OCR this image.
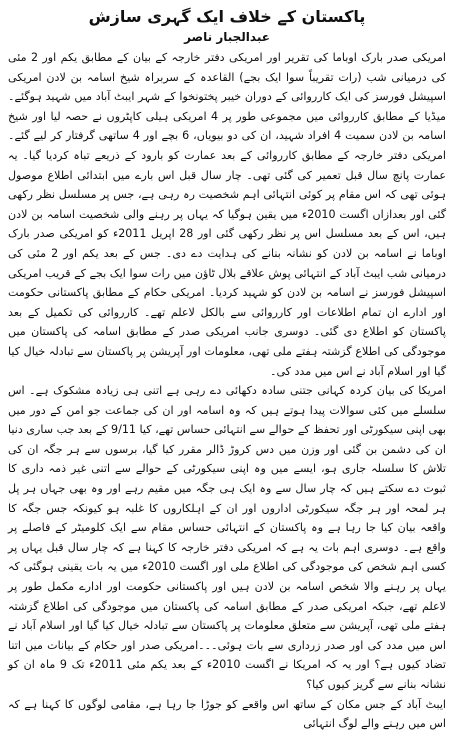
پاکستان کے خلاف ایک گہری سازش
عبدالجبار ناصر

امریکی صدر بارک اوباما کی تقریر اور امریکی دفتر خارجہ کے بیان کے مطابق یکم اور 2 مئی کی درمیانی شب (رات تقریباً سوا ایک بجے) القاعدہ کے سربراہ شیخ اسامہ بن لادن امریکی اسپیشل فورسز کی ایک کارروائی کے دوران خیبر پختونخوا کے شہر ایبٹ آباد میں شہید ہوگئے۔ میڈیا کے مطابق کارروائی میں مجموعی طور پر 4 امریکی ہیلی کاپٹروں نے حصہ لیا اور شیخ اسامہ بن لادن سمیت 4 افراد شہید، ان کی دو بیویاں، 6 بچے اور 4 ساتھی گرفتار کر لیے گئے۔ امریکی دفتر خارجہ کے مطابق کارروائی کے بعد عمارت کو بارود کے ذریعے تباہ کردیا گیا۔ یہ عمارت پانچ سال قبل تعمیر کی گئی تھی۔ چار سال قبل اس بارے میں ابتدائی اطلاع موصول ہوئی تھی کہ اس مقام پر کوئی انتہائی اہم شخصیت رہ رہی ہے، جس پر مسلسل نظر رکھی گئی اور بعدازاں اگست 2010ء میں یقین ہوگیا کہ یہاں پر رہنے والی شخصیت اسامہ بن لادن ہیں، اس کے بعد مسلسل اس پر نظر رکھی گئی اور 28 اپریل 2011ء کو امریکی صدر بارک اوباما نے اسامہ بن لادن کو نشانہ بنانے کی ہدایت دے دی۔ جس کے بعد یکم اور 2 مئی کی درمیانی شب ایبٹ آباد کے انتہائی پوش علاقے بلال ٹاؤن میں رات سوا ایک بجے کے قریب امریکی اسپیشل فورسز نے اسامہ بن لادن کو شہید کردیا۔ امریکی حکام کے مطابق پاکستانی حکومت اور ادارے ان تمام اطلاعات اور کارروائی سے بالکل لاعلم تھے۔ کارروائی کی تکمیل کے بعد پاکستان کو اطلاع دی گئی۔ دوسری جانب امریکی صدر کے مطابق اسامہ کی پاکستان میں موجودگی کی اطلاع گزشتہ ہفتے ملی تھی، معلومات اور آپریشن پر پاکستان سے تبادلہ خیال کیا گیا اور اسلام آباد نے اس میں مدد کی۔

امریکا کی بیان کردہ کہانی جتنی سادہ دکھائی دے رہی ہے اتنی ہی زیادہ مشکوک ہے۔ اس سلسلے میں کئی سوالات پیدا ہوتے ہیں کہ وہ اسامہ اور ان کی جماعت جو امن کے دور میں بھی اپنی سیکورٹی اور تحفظ کے حوالے سے انتہائی حساس تھے، کیا 9/11 کے بعد جب ساری دنیا ان کی دشمن بن گئی اور وزن میں دس کروڑ ڈالر مقرر کیا گیا، برسوں سے ہر جگہ ان کی تلاش کا سلسلہ جاری ہو، ایسے میں وہ اپنی سیکورٹی کے حوالے سے اتنی غیر ذمہ داری کا ثبوت دے سکتے ہیں کہ چار سال سے وہ ایک ہی جگہ میں مقیم رہے اور وہ بھی جہاں ہر پل ہر لمحہ اور ہر جگہ سیکورٹی اداروں اور ان کے اہلکاروں کا غلبہ ہو کیونکہ جس جگہ کا واقعہ بیان کیا جا رہا ہے وہ پاکستان کے انتہائی حساس مقام سے ایک کلومیٹر کے فاصلے پر واقع ہے۔ دوسری اہم بات یہ ہے کہ امریکی دفتر خارجہ کا کہنا ہے کہ چار سال قبل یہاں پر کسی اہم شخص کی موجودگی کی اطلاع ملی اور اگست 2010ء میں یہ بات یقینی ہوگئی کہ یہاں پر رہنے والا شخص اسامہ بن لادن ہیں اور پاکستانی حکومت اور ادارے مکمل طور پر لاعلم تھے، جبکہ امریکی صدر کے مطابق اسامہ کی پاکستان میں موجودگی کی اطلاع گزشتہ ہفتے ملی تھی، آپریشن سے متعلق معلومات پر پاکستان سے تبادلہ خیال کیا گیا اور اسلام آباد نے اس میں مدد کی اور صدر زرداری سے بات ہوئی۔۔۔امریکی صدر اور حکام کے بیانات میں اتنا تضاد کیوں ہے؟ اور یہ کہ امریکا نے اگست 2010ء کے بعد یکم مئی 2011ء تک 9 ماہ ان کو نشانہ بنانے سے گریز کیوں کیا؟

ایبٹ آباد کے جس مکان کے ساتھ اس واقعے کو جوڑا جا رہا ہے، مقامی لوگوں کا کہنا ہے کہ اس میں رہنے والے لوگ انتہائی
